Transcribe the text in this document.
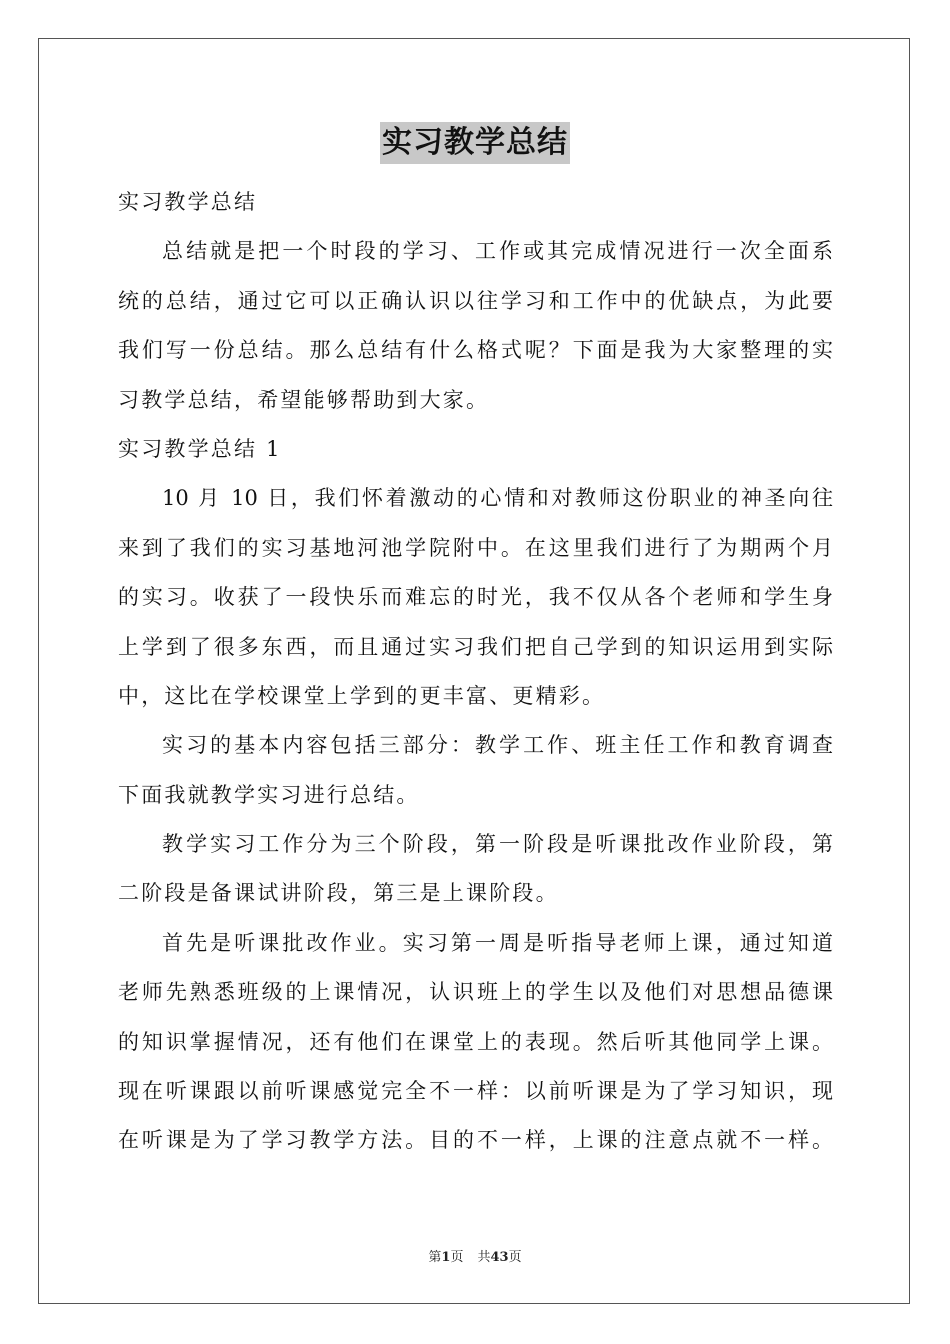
实习教学总结
实习教学总结
总结就是把一个时段的学习、工作或其完成情况进行一次全面系
统的总结，通过它可以正确认识以往学习和工作中的优缺点，为此要
我们写一份总结。那么总结有什么格式呢？下面是我为大家整理的实
习教学总结，希望能够帮助到大家。
实习教学总结 1
10 月 10 日，我们怀着激动的心情和对教师这份职业的神圣向往
来到了我们的实习基地河池学院附中。在这里我们进行了为期两个月
的实习。收获了一段快乐而难忘的时光，我不仅从各个老师和学生身
上学到了很多东西，而且通过实习我们把自己学到的知识运用到实际
中，这比在学校课堂上学到的更丰富、更精彩。
实习的基本内容包括三部分：教学工作、班主任工作和教育调查
下面我就教学实习进行总结。
教学实习工作分为三个阶段，第一阶段是听课批改作业阶段，第
二阶段是备课试讲阶段，第三是上课阶段。
首先是听课批改作业。实习第一周是听指导老师上课，通过知道
老师先熟悉班级的上课情况，认识班上的学生以及他们对思想品德课
的知识掌握情况，还有他们在课堂上的表现。然后听其他同学上课。
现在听课跟以前听课感觉完全不一样：以前听课是为了学习知识，现
在听课是为了学习教学方法。目的不一样，上课的注意点就不一样。
第1页 共43页
